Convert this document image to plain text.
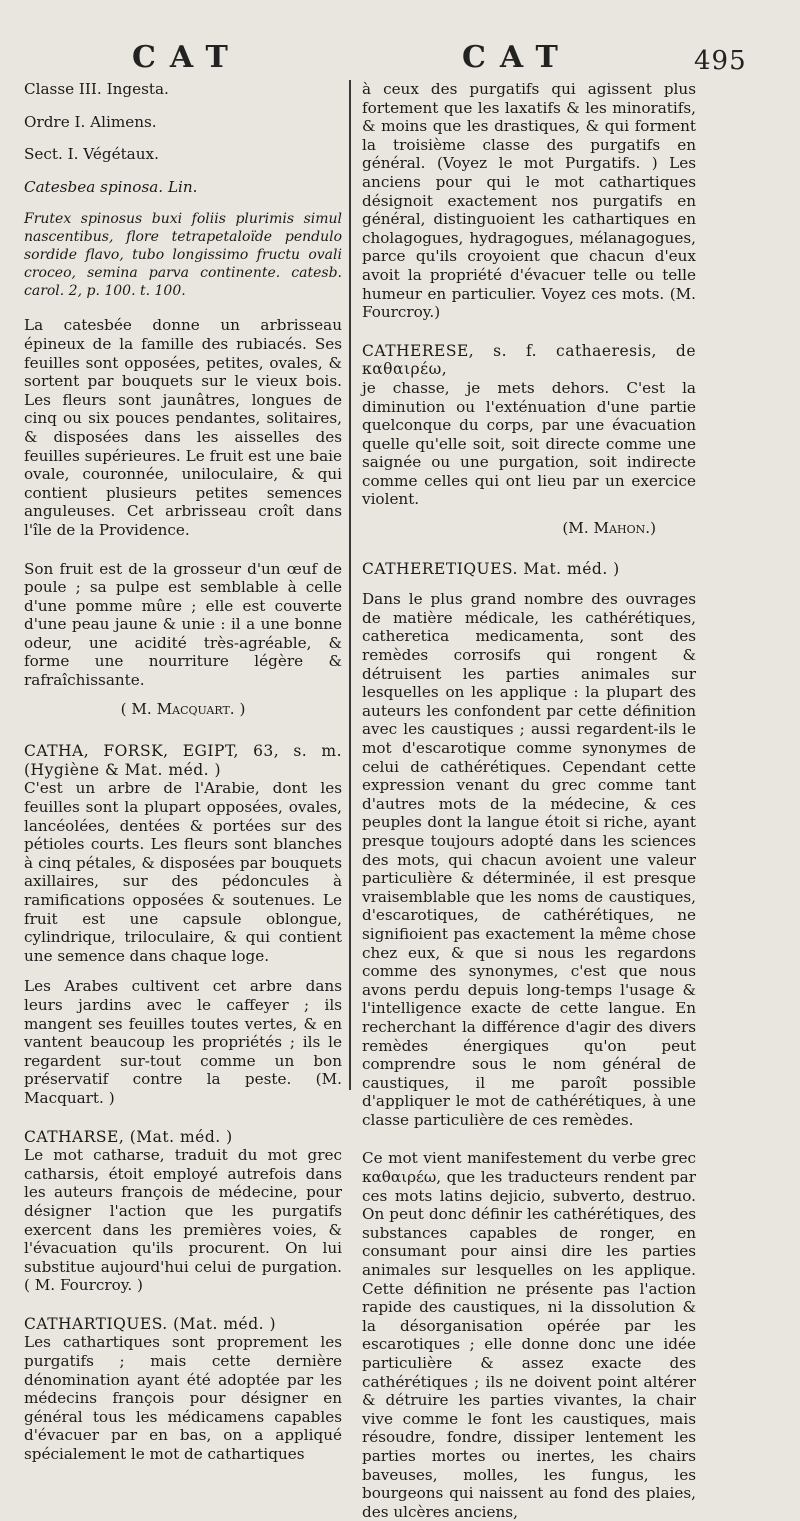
CAT	CAT	495

Classe III. Ingesta.

Ordre I. Alimens.

Sect. I. Végétaux.

Catesbea spinosa. Lin.

Frutex spinosus buxi foliis plurimis simul nascentibus, flore tetrapetaloïde pendulo sordide flavo, tubo longissimo fructu ovali croceo, semina parva continente. catesb. carol. 2, p. 100. t. 100.

La catesbée donne un arbrisseau épineux de la famille des rubiacés. Ses feuilles sont opposées, petites, ovales, & sortent par bouquets sur le vieux bois. Les fleurs sont jaunâtres, longues de cinq ou six pouces pendantes, solitaires, & disposées dans les aisselles des feuilles supérieures. Le fruit est une baie ovale, couronnée, uniloculaire, & qui contient plusieurs petites semences anguleuses. Cet arbrisseau croît dans l'île de la Providence.

Son fruit est de la grosseur d'un œuf de poule ; sa pulpe est semblable à celle d'une pomme mûre ; elle est couverte d'une peau jaune & unie : il a une bonne odeur, une acidité très-agréable, & forme une nourriture légère & rafraîchissante.

( M. Macquart. )

CATHA, FORSK, EGIPT, 63, s. m. (Hygiène & Mat. méd. )

C'est un arbre de l'Arabie, dont les feuilles sont la plupart opposées, ovales, lancéolées, dentées & portées sur des pétioles courts. Les fleurs sont blanches à cinq pétales, & disposées par bouquets axillaires, sur des pédoncules à ramifications opposées & soutenues. Le fruit est une capsule oblongue, cylindrique, triloculaire, & qui contient une semence dans chaque loge.

Les Arabes cultivent cet arbre dans leurs jardins avec le caffeyer ; ils mangent ses feuilles toutes vertes, & en vantent beaucoup les propriétés ; ils le regardent sur-tout comme un bon préservatif contre la peste. (M. Macquart. )

CATHARSE, (Mat. méd. )

Le mot catharse, traduit du mot grec catharsis, étoit employé autrefois dans les auteurs françois de médecine, pour désigner l'action que les purgatifs exercent dans les premières voies, & l'évacuation qu'ils procurent. On lui substitue aujourd'hui celui de purgation. ( M. Fourcroy. )

CATHARTIQUES. (Mat. méd. )

Les cathartiques sont proprement les purgatifs ; mais cette dernière dénomination ayant été adoptée par les médecins françois pour désigner en général tous les médicamens capables d'évacuer par en bas, on a appliqué spécialement le mot de cathartiques

à ceux des purgatifs qui agissent plus fortement que les laxatifs & les minoratifs, & moins que les drastiques, & qui forment la troisième classe des purgatifs en général. (Voyez le mot Purgatifs. ) Les anciens pour qui le mot cathartiques désignoit exactement nos purgatifs en général, distinguoient les cathartiques en cholagogues, hydragogues, mélanagogues, parce qu'ils croyoient que chacun d'eux avoit la propriété d'évacuer telle ou telle humeur en particulier. Voyez ces mots. (M. Fourcroy.)

CATHERESE, s. f. cathaeresis, de καθαιρέω,

je chasse, je mets dehors. C'est la diminution ou l'exténuation d'une partie quelconque du corps, par une évacuation quelle qu'elle soit, soit directe comme une saignée ou une purgation, soit indirecte comme celles qui ont lieu par un exercice violent.

(M. Mahon.)

CATHERETIQUES. Mat. méd. )

Dans le plus grand nombre des ouvrages de matière médicale, les cathérétiques, catheretica medicamenta, sont des remèdes corrosifs qui rongent & détruisent les parties animales sur lesquelles on les applique : la plupart des auteurs les confondent par cette définition avec les caustiques ; aussi regardent-ils le mot d'escarotique comme synonymes de celui de cathérétiques. Cependant cette expression venant du grec comme tant d'autres mots de la médecine, & ces peuples dont la langue étoit si riche, ayant presque toujours adopté dans les sciences des mots, qui chacun avoient une valeur particulière & déterminée, il est presque vraisemblable que les noms de caustiques, d'escarotiques, de cathérétiques, ne signifioient pas exactement la même chose chez eux, & que si nous les regardons comme des synonymes, c'est que nous avons perdu depuis long-temps l'usage & l'intelligence exacte de cette langue. En recherchant la différence d'agir des divers remèdes énergiques qu'on peut comprendre sous le nom général de caustiques, il me paroît possible d'appliquer le mot de cathérétiques, à une classe particulière de ces remèdes.

Ce mot vient manifestement du verbe grec καθαιρέω, que les traducteurs rendent par ces mots latins dejicio, subverto, destruo. On peut donc définir les cathérétiques, des substances capables de ronger, en consumant pour ainsi dire les parties animales sur lesquelles on les applique. Cette définition ne présente pas l'action rapide des caustiques, ni la dissolution & la désorganisation opérée par les escarotiques ; elle donne donc une idée particulière & assez exacte des cathérétiques ; ils ne doivent point altérer & détruire les parties vivantes, la chair vive comme le font les caustiques, mais résoudre, fondre, dissiper lentement les parties mortes ou inertes, les chairs baveuses, molles, les fungus, les bourgeons qui naissent au fond des plaies, des ulcères anciens,
